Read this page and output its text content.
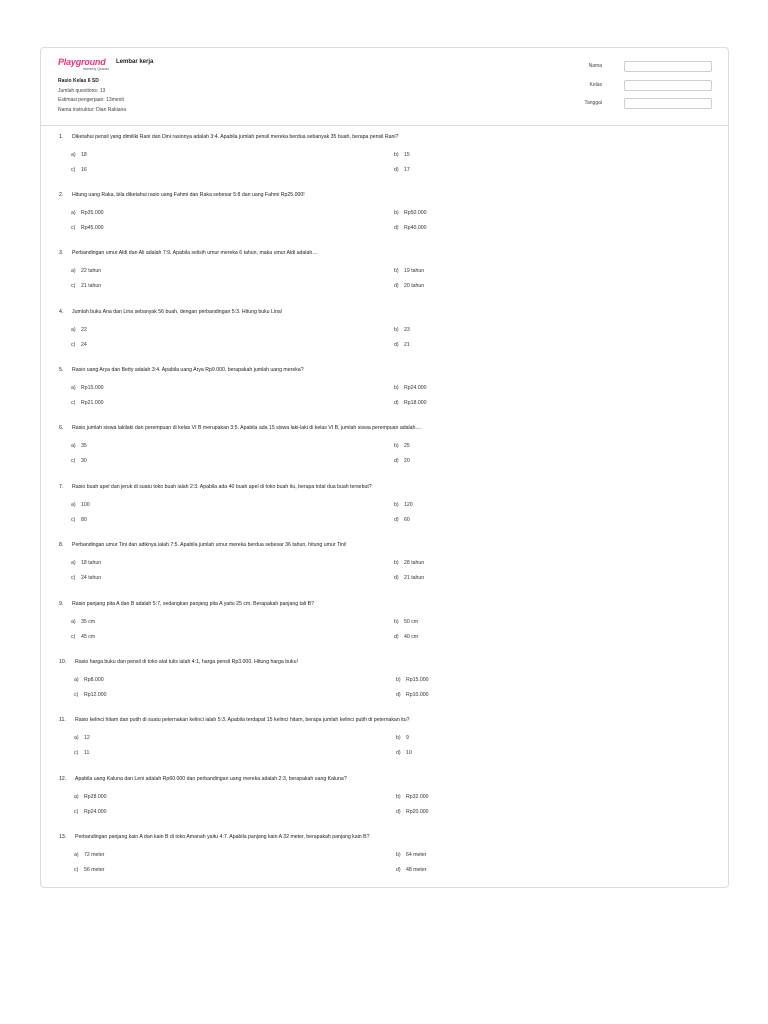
Playground
formerly Quizizz
Lembar kerja
Rasio Kelas 6 SD
Jumlah questions: 13
Estimasi pengerjaan: 13menit
Nama instruktur: Dian Rakiana
Nama
Kelas
Tanggal
1. Diketahui pensil yang dimiliki Rani dan Dini rasionya adalah 3:4. Apabila jumlah pensil mereka berdua sebanyak 35 buah, berapa pensil Rani?
a) 18	b) 15
c) 16	d) 17
2. Hitung uang Raka, bila diketahui rasio uang Fahmi dan Raka sebesar 5:8 dan uang Fahmi Rp25.000!
a) Rp35.000	b) Rp50.000
c) Rp45.000	d) Rp40.000
3. Perbandingan umur Aldi dan Ali adalah 7:9. Apabila selisih umur mereka 6 tahun, maka umur Aldi adalah....
a) 22 tahun	b) 19 tahun
c) 21 tahun	d) 20 tahun
4. Jumlah buku Ana dan Lina sebanyak 56 buah, dengan perbandingan 5:3. Hitung buku Lina!
a) 22	b) 23
c) 24	d) 21
5. Rasio uang Arya dan Betty adalah 3:4. Apabila uang Arya Rp9.000, berapakah jumlah uang mereka?
a) Rp15.000	b) Rp24.000
c) Rp21.000	d) Rp18.000
6. Rasio jumlah siswa lakilaki dan perempuan di kelas VI B merupakan 3:5. Apabila ada 15 siswa laki-laki di kelas VI B, jumlah siswa perempuan adalah....
a) 35	b) 25
c) 30	d) 20
7. Rasio buah apel dan jeruk di suatu toko buah ialah 2:3. Apabila ada 40 buah apel di toko buah itu, berapa total dua buah tersebut?
a) 100	b) 120
c) 80	d) 60
8. Perbandingan umur Tini dan adiknya ialah 7:5. Apabila jumlah umur mereka berdua sebesar 36 tahun, hitung umur Tini!
a) 18 tahun	b) 28 tahun
c) 24 tahun	d) 21 tahun
9. Rasio panjang pita A dan B adalah 5:7, sedangkan panjang pita A yaitu 25 cm. Berapakah panjang tali B?
a) 35 cm	b) 50 cm
c) 45 cm	d) 40 cm
10. Rasio harga buku dan pensil di toko alat tulis ialah 4:1, harga pensil Rp3.000. Hitung harga buku!
a) Rp8.000	b) Rp15.000
c) Rp12.000	d) Rp10.000
11. Rasio kelinci hitam dan putih di suatu peternakan kelinci ialah 5:3. Apabila terdapat 15 kelinci hitam, berapa jumlah kelinci putih di peternakan itu?
a) 12	b) 9
c) 11	d) 10
12. Apabila uang Kaluna dan Leni adalah Rp60.000 dan perbandingan uang mereka adalah 2:3, berapakah uang Kaluna?
a) Rp28.000	b) Rp32.000
c) Rp24.000	d) Rp20.000
13. Perbandingan panjang kain A dan kain B di toko Amanah yaitu 4:7. Apabila panjang kain A 32 meter, berapakah panjang kain B?
a) 72 meter	b) 64 meter
c) 56 meter	d) 48 meter
